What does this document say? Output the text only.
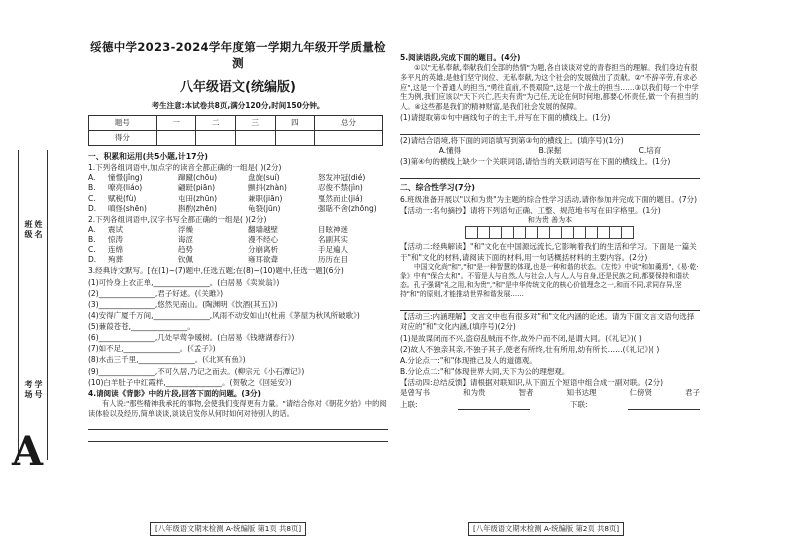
班级 姓名
考场 学号
A
绥德中学2023-2024学年度第一学期九年级开学质量检测
八年级语文(统编版)
考生注意:本试卷共8页,满分120分,时间150分钟。
题号	一	二	三	四	总分
得分					
一、积累和运用(共5小题,计17分)
1.下列各组词语中,加点字的读音全都正确的一组是( )(2分)
A.	憧憬(jǐng)	蹿蹴(chōu)	盘旋(suí)	怒发冲冠(dié)
B.	嘹亮(liáo)	翩跹(piān)	颤抖(zhàn)	忍俊不禁(jìn)
C.	赋税(fù)	屯田(zhūn)	兼职(jiān)	戛然而止(jiá)
D.	嗔怪(shēn)	斟酌(zhēn)	龟裂(jūn)	强聒不舍(zhōng)
2.下列各组词语中,汉字书写全都正确的一组是( )(2分)
A.	震试	浮燥	翻墙越壁	目眩神迷
B.	惊涛	诲涩	漫不经心	名副其实
C.	连绵	趋势	分崩离析	手足遍人
D.	殉葬	钦佩	雍耳欲聋	历历在目
3.经典诗文默写。[在(1)~(7)题中,任选五题;在(8)~(10)题中,任选一题](6分)
(1)可怜身上衣正单,_______________。(白居易《卖炭翁》)
(2)_______________,君子好逑。(《关雎》)
(3)_______________,悠然见南山。(陶渊明《饮酒(其五)》)
(4)安得广厦千万间,_______________,风雨不动安如山!(杜甫《茅屋为秋风所破歌》)
(5)蒹葭苍苍,_______________。
(6)_______________,几处早莺争暖树。(白居易《钱塘湖春行》)
(7)如不足,_______________。(《孟子》)
(8)水击三千里,_______________。(《北冥有鱼》)
(9)_______________,不可久居,乃记之而去。(柳宗元《小石潭记》)
(10)白羊肚子中红霞样,_______________。(贺敬之《回延安》)
4.请阅读《背影》中的片段,回答下面的问题。(3分)
有人说:"那些精神我承托的事物,会使我们变得更有力量。"请结合你对《朝花夕拾》中的阅读体验以及经历,简单谈谈,谈谈启发你从何时如何对待别人的话。
[八年级语文期末检测 A-统编版 第1页 共8页]
5.阅读语段,完成下面的题目。(4分)
①以"无私奉献,奉献我们全部的热情"为题,各自谈谈对党的青春担当的理解。我们身边有很多平凡的英雄,是他们坚守岗位、无私奉献,为这个社会的发展做出了贡献。②"不辞辛劳,有求必应",这是一个普通人的担当,"勇往直前,不畏艰险",这是一个战士的担当……③以我们每一个中学生为例,我们应该以"天下兴亡,匹夫有责"为己任,无论在何时何地,都要心怀责任,做一个有担当的人。④这些都是我们的精神财富,是我们社会发展的保障。
(1)请提取第①句中画线句子的主干,并写在下面的横线上。(1分)
(2)请结合语境,将下面的词语填写到第③句的横线上。(填序号)(1分)
A.懂得	B.深掘	C.培育
(3)第④句的横线上缺少一个关联词语,请恰当的关联词语写在下面的横线上。(1分)
二、综合性学习(7分)
6.班级准备开展以"以和为贵"为主题的综合性学习活动,请你参加并完成下面的题目。(7分)
【活动一:名句摘抄】请将下列语句正确、工整、规范地书写在田字格里。(1分)
和为贵 善为本
【活动二:经典解读】"和"文化在中国源远流长,它影响着我们的生活和学习。下面是一篇关于"和"文化的材料,请阅读下面的材料,用一句话概括材料的主要内容。(2分)
中国文化尚"和","和"是一种智慧的体现,也是一种和谐的状态。《左传》中说"和如羹焉",《易·乾·彖》中有"保合太和"。不管是人与自然,人与社会,人与人,人与自身,还是民族之间,都要保持和谐状态。孔子强调"礼之用,和为贵","和"是中华传统文化的核心价值理念之一,和而不同,求同存异,坚持"和"的原则,才能推动世界和谐发展……
【活动三:内涵理解】文言文中也有很多对"和"文化内涵的论述。请为下面文言文语句选择对应的"和"文化内涵,(填序号)(2分)
(1)是故谋闭而不兴,盗窃乱贼而不作,故外户而不闭,是谓大同。(《礼记》)( )
(2)故人不独亲其亲,不独子其子,使老有所终,壮有所用,幼有所长……(《礼记》)( )
A.分论点一:"和"体现推己及人的道德观。
B.分论点二:"和"体现世界大同,天下为公的理想观。
【活动四:总结反馈】请根据对联知识,从下面五个短语中组合成一副对联。(2分)
是曾写书	和为贵	智者	知书达理	仁傍贤	君子
上联:	下联:
[八年级语文期末检测 A-统编版 第2页 共8页]
